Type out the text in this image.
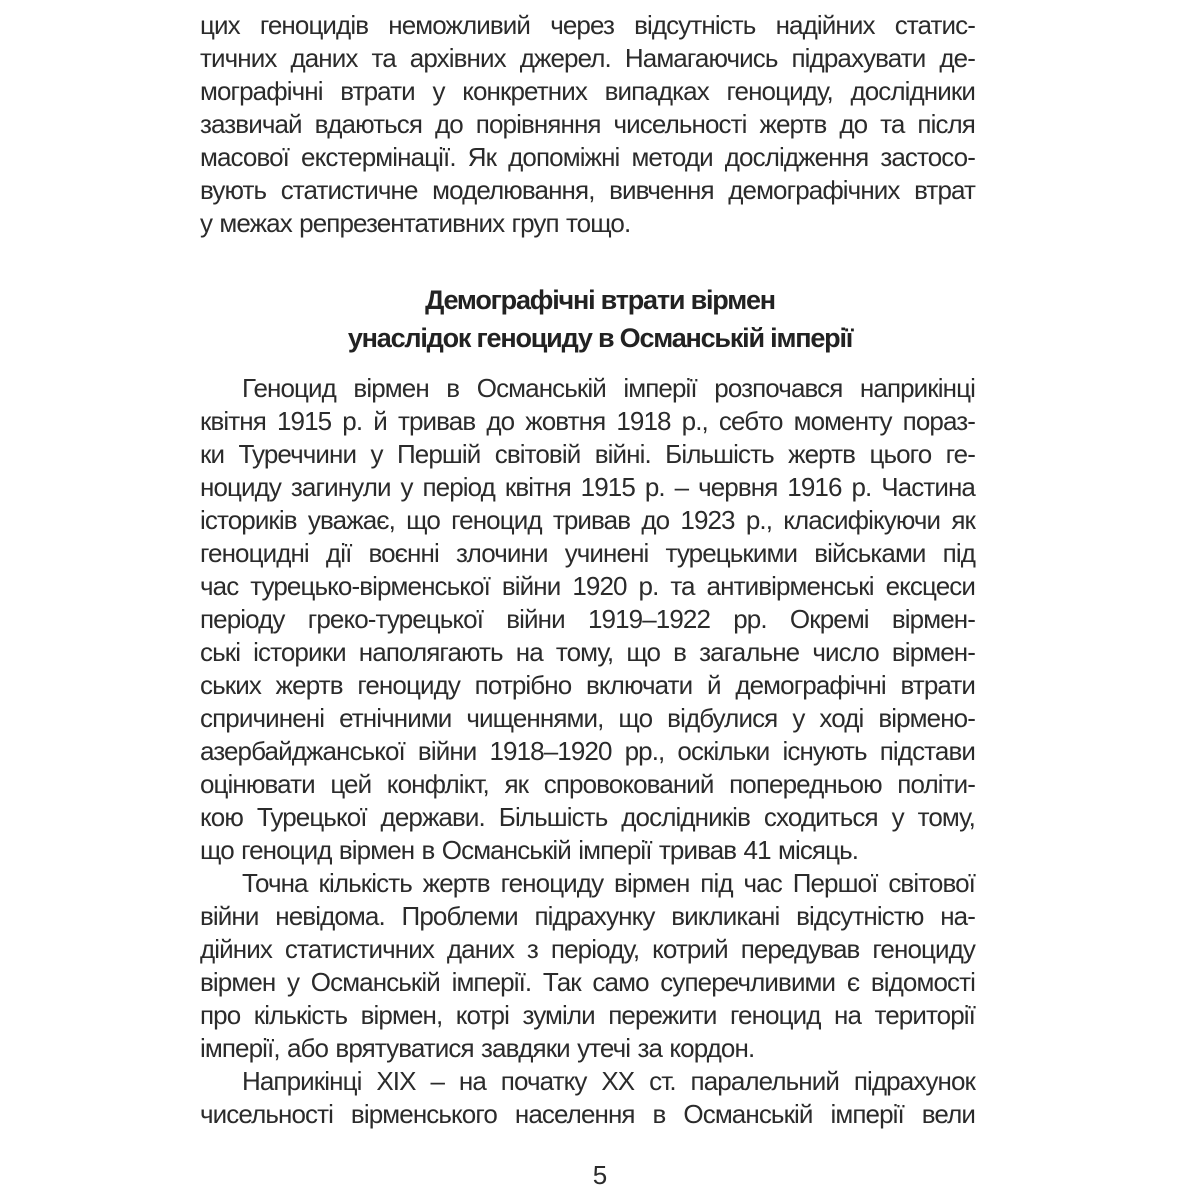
цих геноцидів неможливий через відсутність надійних статис-
тичних даних та архівних джерел. Намагаючись підрахувати де-
мографічні втрати у конкретних випадках геноциду, дослідники
зазвичай вдаються до порівняння чисельності жертв до та після
масової екстермінації. Як допоміжні методи дослідження застосо-
вують статистичне моделювання, вивчення демографічних втрат
у межах репрезентативних груп тощо.
Демографічні втрати вірмен
унаслідок геноциду в Османській імперії
Геноцид вірмен в Османській імперії розпочався наприкінці
квітня 1915 р. й тривав до жовтня 1918 р., себто моменту пораз-
ки Туреччини у Першій світовій війні. Більшість жертв цього ге-
ноциду загинули у період квітня 1915 р. – червня 1916 р. Частина
істориків уважає, що геноцид тривав до 1923 р., класифікуючи як
геноцидні дії воєнні злочини учинені турецькими військами під
час турецько-вірменської війни 1920 р. та антивірменські ексцеси
періоду греко-турецької війни 1919–1922 рр. Окремі вірмен-
ські історики наполягають на тому, що в загальне число вірмен-
ських жертв геноциду потрібно включати й демографічні втрати
спричинені етнічними чищеннями, що відбулися у ході вірмено-
азербайджанської війни 1918–1920 рр., оскільки існують підстави
оцінювати цей конфлікт, як спровокований попередньою політи-
кою Турецької держави. Більшість дослідників сходиться у тому,
що геноцид вірмен в Османській імперії тривав 41 місяць.
Точна кількість жертв геноциду вірмен під час Першої світової
війни невідома. Проблеми підрахунку викликані відсутністю на-
дійних статистичних даних з періоду, котрий передував геноциду
вірмен у Османській імперії. Так само суперечливими є відомості
про кількість вірмен, котрі зуміли пережити геноцид на території
імперії, або врятуватися завдяки утечі за кордон.
Наприкінці XIX – на початку XX ст. паралельний підрахунок
чисельності вірменського населення в Османській імперії вели
5
